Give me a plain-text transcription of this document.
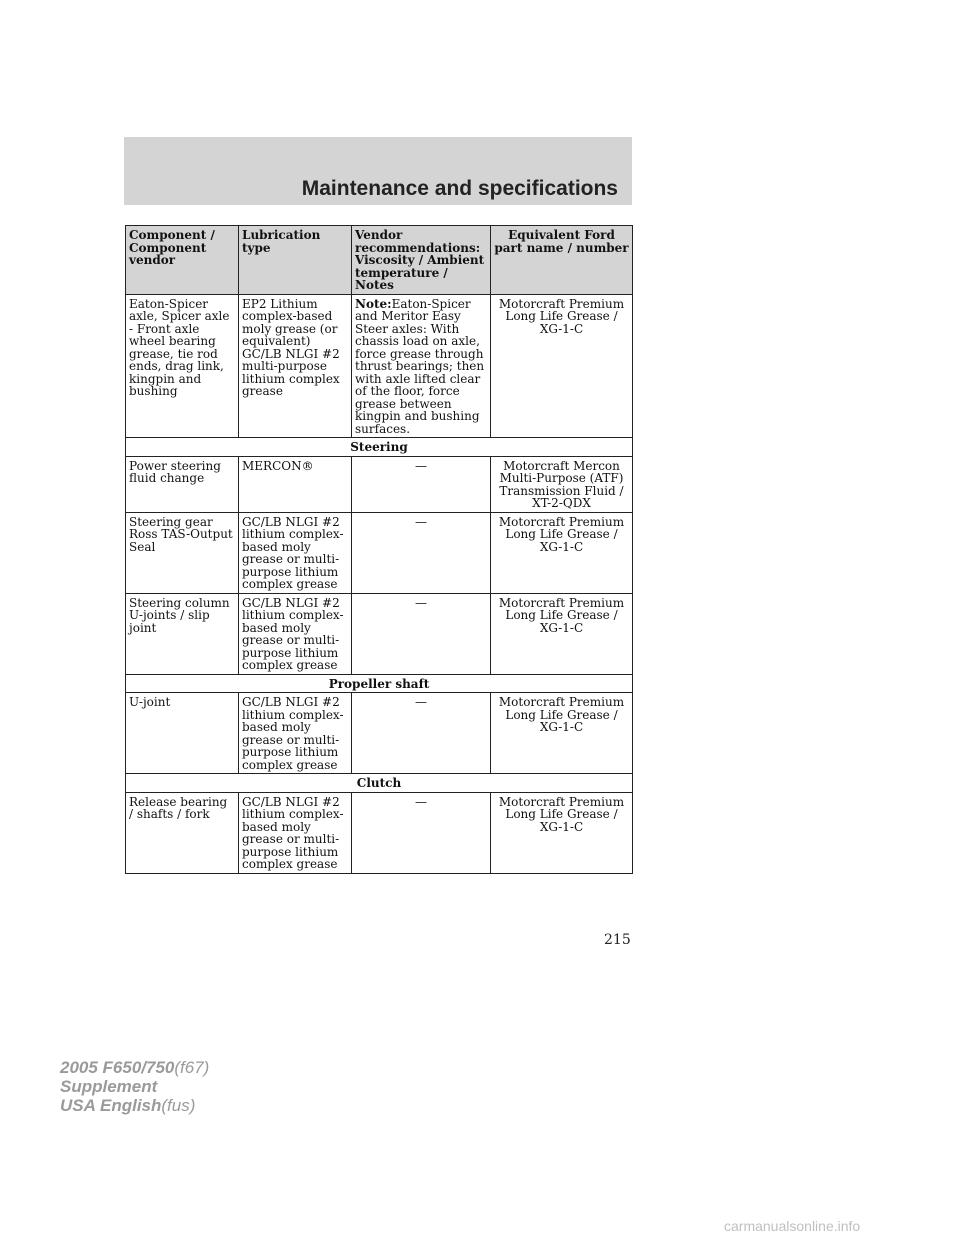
Maintenance and specifications
Component / Component vendor	Lubrication type	Vendor recommendations: Viscosity / Ambient temperature / Notes	Equivalent Ford part name / number
Eaton-Spicer axle, Spicer axle - Front axle wheel bearing grease, tie rod ends, drag link, kingpin and bushing	EP2 Lithium complex-based moly grease (or equivalent) GC/LB NLGI #2 multi-purpose lithium complex grease	Note:Eaton-Spicer and Meritor Easy Steer axles: With chassis load on axle, force grease through thrust bearings; then with axle lifted clear of the floor, force grease between kingpin and bushing surfaces.	Motorcraft Premium Long Life Grease / XG-1-C
Steering			
Power steering fluid change	MERCON®	—	Motorcraft Mercon Multi-Purpose (ATF) Transmission Fluid / XT-2-QDX
Steering gear Ross TAS-Output Seal	GC/LB NLGI #2 lithium complex-based moly grease or multi-purpose lithium complex grease	—	Motorcraft Premium Long Life Grease / XG-1-C
Steering column U-joints / slip joint	GC/LB NLGI #2 lithium complex-based moly grease or multi-purpose lithium complex grease	—	Motorcraft Premium Long Life Grease / XG-1-C
Propeller shaft			
U-joint	GC/LB NLGI #2 lithium complex-based moly grease or multi-purpose lithium complex grease	—	Motorcraft Premium Long Life Grease / XG-1-C
Clutch			
Release bearing / shafts / fork	GC/LB NLGI #2 lithium complex-based moly grease or multi-purpose lithium complex grease	—	Motorcraft Premium Long Life Grease / XG-1-C
215
2005 F650/750(f67)
Supplement
USA English(fus)
carmanualsonline.info
